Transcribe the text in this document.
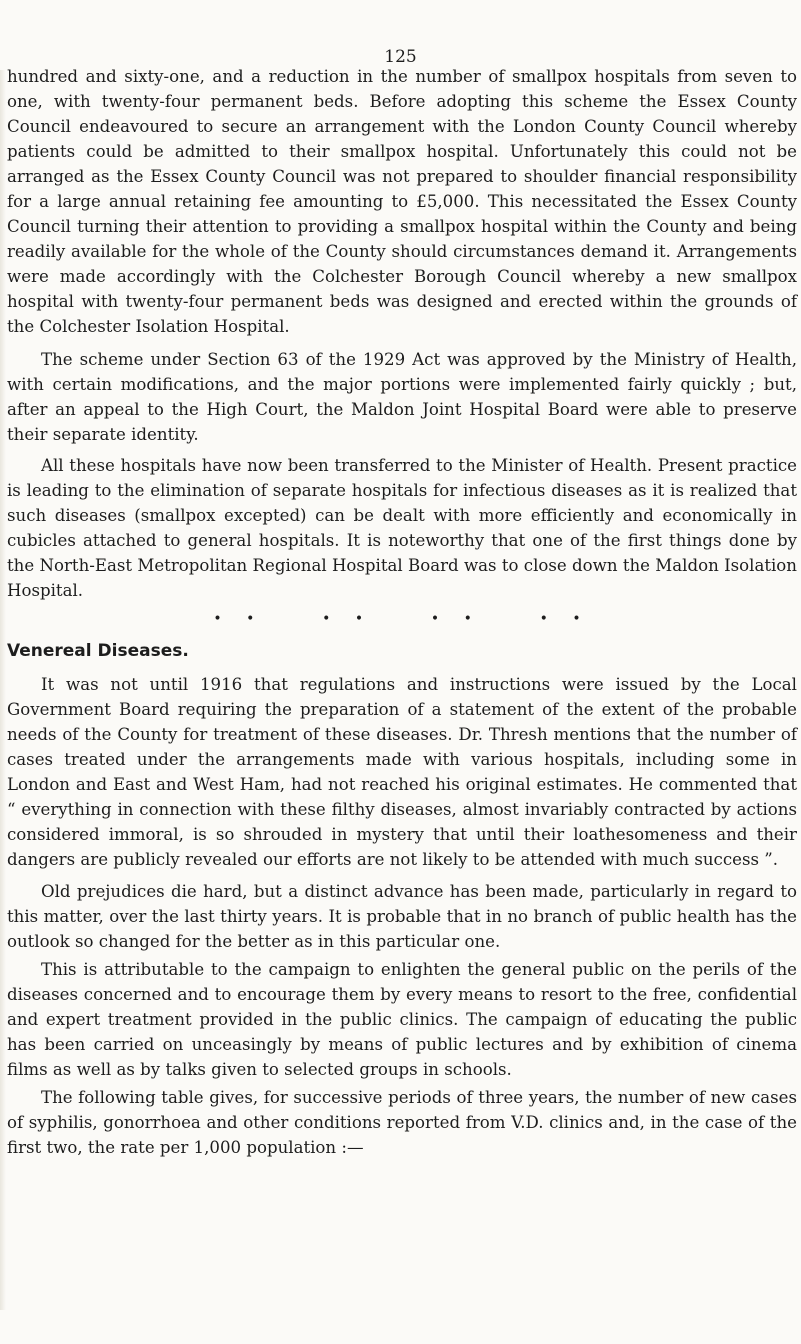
125

hundred and sixty-one, and a reduction in the number of smallpox hospitals from seven to one, with twenty-four permanent beds. Before adopting this scheme the Essex County Council endeavoured to secure an arrangement with the London County Council whereby patients could be admitted to their smallpox hospital. Unfortunately this could not be arranged as the Essex County Council was not prepared to shoulder financial responsibility for a large annual retaining fee amounting to £5,000. This necessitated the Essex County Council turning their attention to providing a smallpox hospital within the County and being readily available for the whole of the County should circumstances demand it. Arrangements were made accordingly with the Colchester Borough Council whereby a new smallpox hospital with twenty-four permanent beds was designed and erected within the grounds of the Colchester Isolation Hospital.

The scheme under Section 63 of the 1929 Act was approved by the Ministry of Health, with certain modifications, and the major portions were implemented fairly quickly ; but, after an appeal to the High Court, the Maldon Joint Hospital Board were able to preserve their separate identity.

All these hospitals have now been transferred to the Minister of Health. Present practice is leading to the elimination of separate hospitals for infectious diseases as it is realized that such diseases (smallpox excepted) can be dealt with more efficiently and economically in cubicles attached to general hospitals. It is noteworthy that one of the first things done by the North-East Metropolitan Regional Hospital Board was to close down the Maldon Isolation Hospital.

• •    • •    • •    • •
Venereal Diseases.

It was not until 1916 that regulations and instructions were issued by the Local Government Board requiring the preparation of a statement of the extent of the probable needs of the County for treatment of these diseases. Dr. Thresh mentions that the number of cases treated under the arrangements made with various hospitals, including some in London and East and West Ham, had not reached his original estimates. He commented that “ everything in connection with these filthy diseases, almost invariably contracted by actions considered immoral, is so shrouded in mystery that until their loathesomeness and their dangers are publicly revealed our efforts are not likely to be attended with much success ”.

Old prejudices die hard, but a distinct advance has been made, particularly in regard to this matter, over the last thirty years. It is probable that in no branch of public health has the outlook so changed for the better as in this particular one.

This is attributable to the campaign to enlighten the general public on the perils of the diseases concerned and to encourage them by every means to resort to the free, confidential and expert treatment provided in the public clinics. The campaign of educating the public has been carried on unceasingly by means of public lectures and by exhibition of cinema films as well as by talks given to selected groups in schools.

The following table gives, for successive periods of three years, the number of new cases of syphilis, gonorrhoea and other conditions reported from V.D. clinics and, in the case of the first two, the rate per 1,000 population :—
